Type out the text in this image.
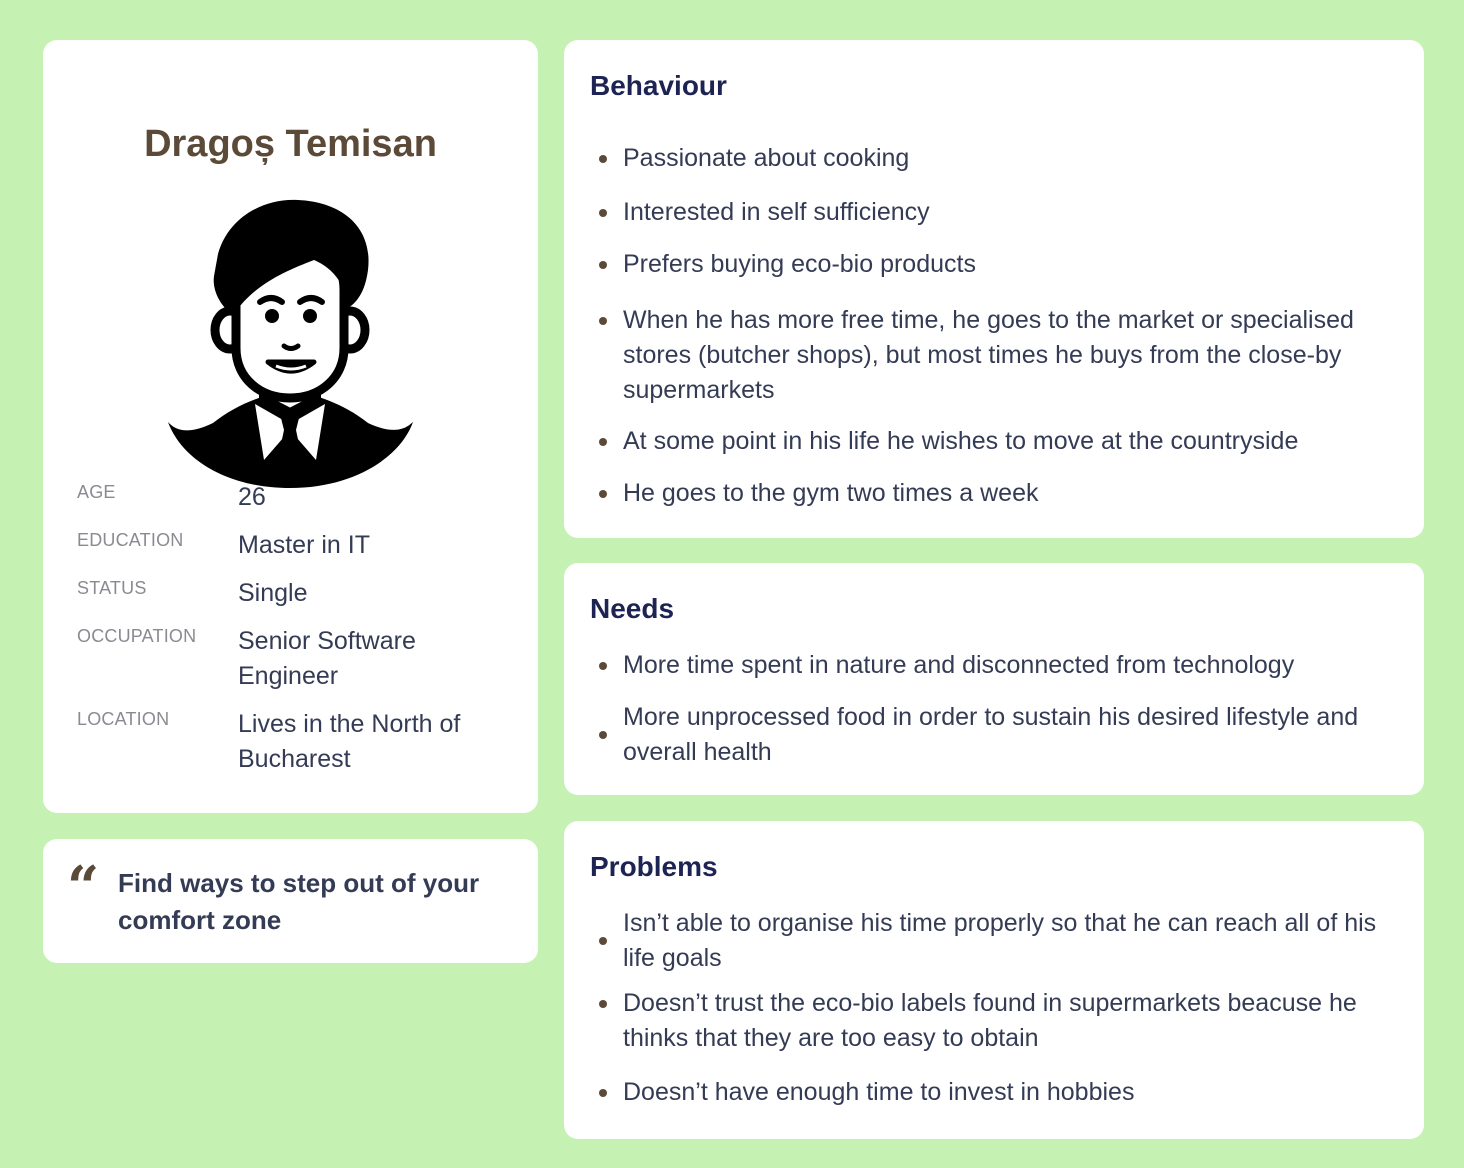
Dragoș Temisan
AGE	26
EDUCATION Master in IT
STATUS	Single
OCCUPATION Senior Software Engineer
LOCATION	Lives in the North of Bucharest
“ Find ways to step out of your comfort zone
Behaviour
Passionate about cooking
Interested in self sufficiency
Prefers buying eco-bio products
When he has more free time, he goes to the market or specialised stores (butcher shops), but most times he buys from the close-by supermarkets
At some point in his life he wishes to move at the countryside
He goes to the gym two times a week
Needs
More time spent in nature and disconnected from technology
More unprocessed food in order to sustain his desired lifestyle and overall health
Problems
Isn’t able to organise his time properly so that he can reach all of his life goals
Doesn’t trust the eco-bio labels found in supermarkets beacuse he thinks that they are too easy to obtain
Doesn’t have enough time to invest in hobbies
